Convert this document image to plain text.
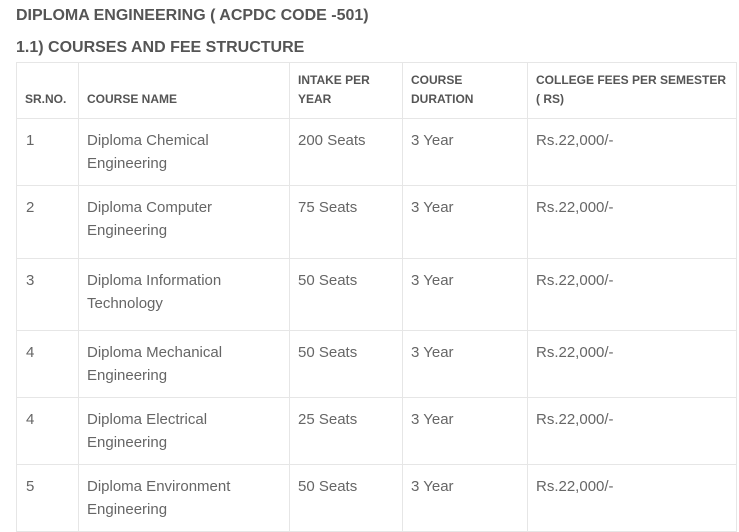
DIPLOMA ENGINEERING ( ACPDC CODE -501)
1.1) COURSES AND FEE STRUCTURE
SR.NO.	COURSE NAME	INTAKE PER YEAR	COURSE DURATION	COLLEGE FEES PER SEMESTER ( RS)
1	Diploma Chemical Engineering	200 Seats	3 Year	Rs.22,000/-
2	Diploma Computer Engineering	75 Seats	3 Year	Rs.22,000/-
3	Diploma Information Technology	50 Seats	3 Year	Rs.22,000/-
4	Diploma Mechanical Engineering	50 Seats	3 Year	Rs.22,000/-
4	Diploma Electrical Engineering	25 Seats	3 Year	Rs.22,000/-
5	Diploma Environment Engineering	50 Seats	3 Year	Rs.22,000/-
